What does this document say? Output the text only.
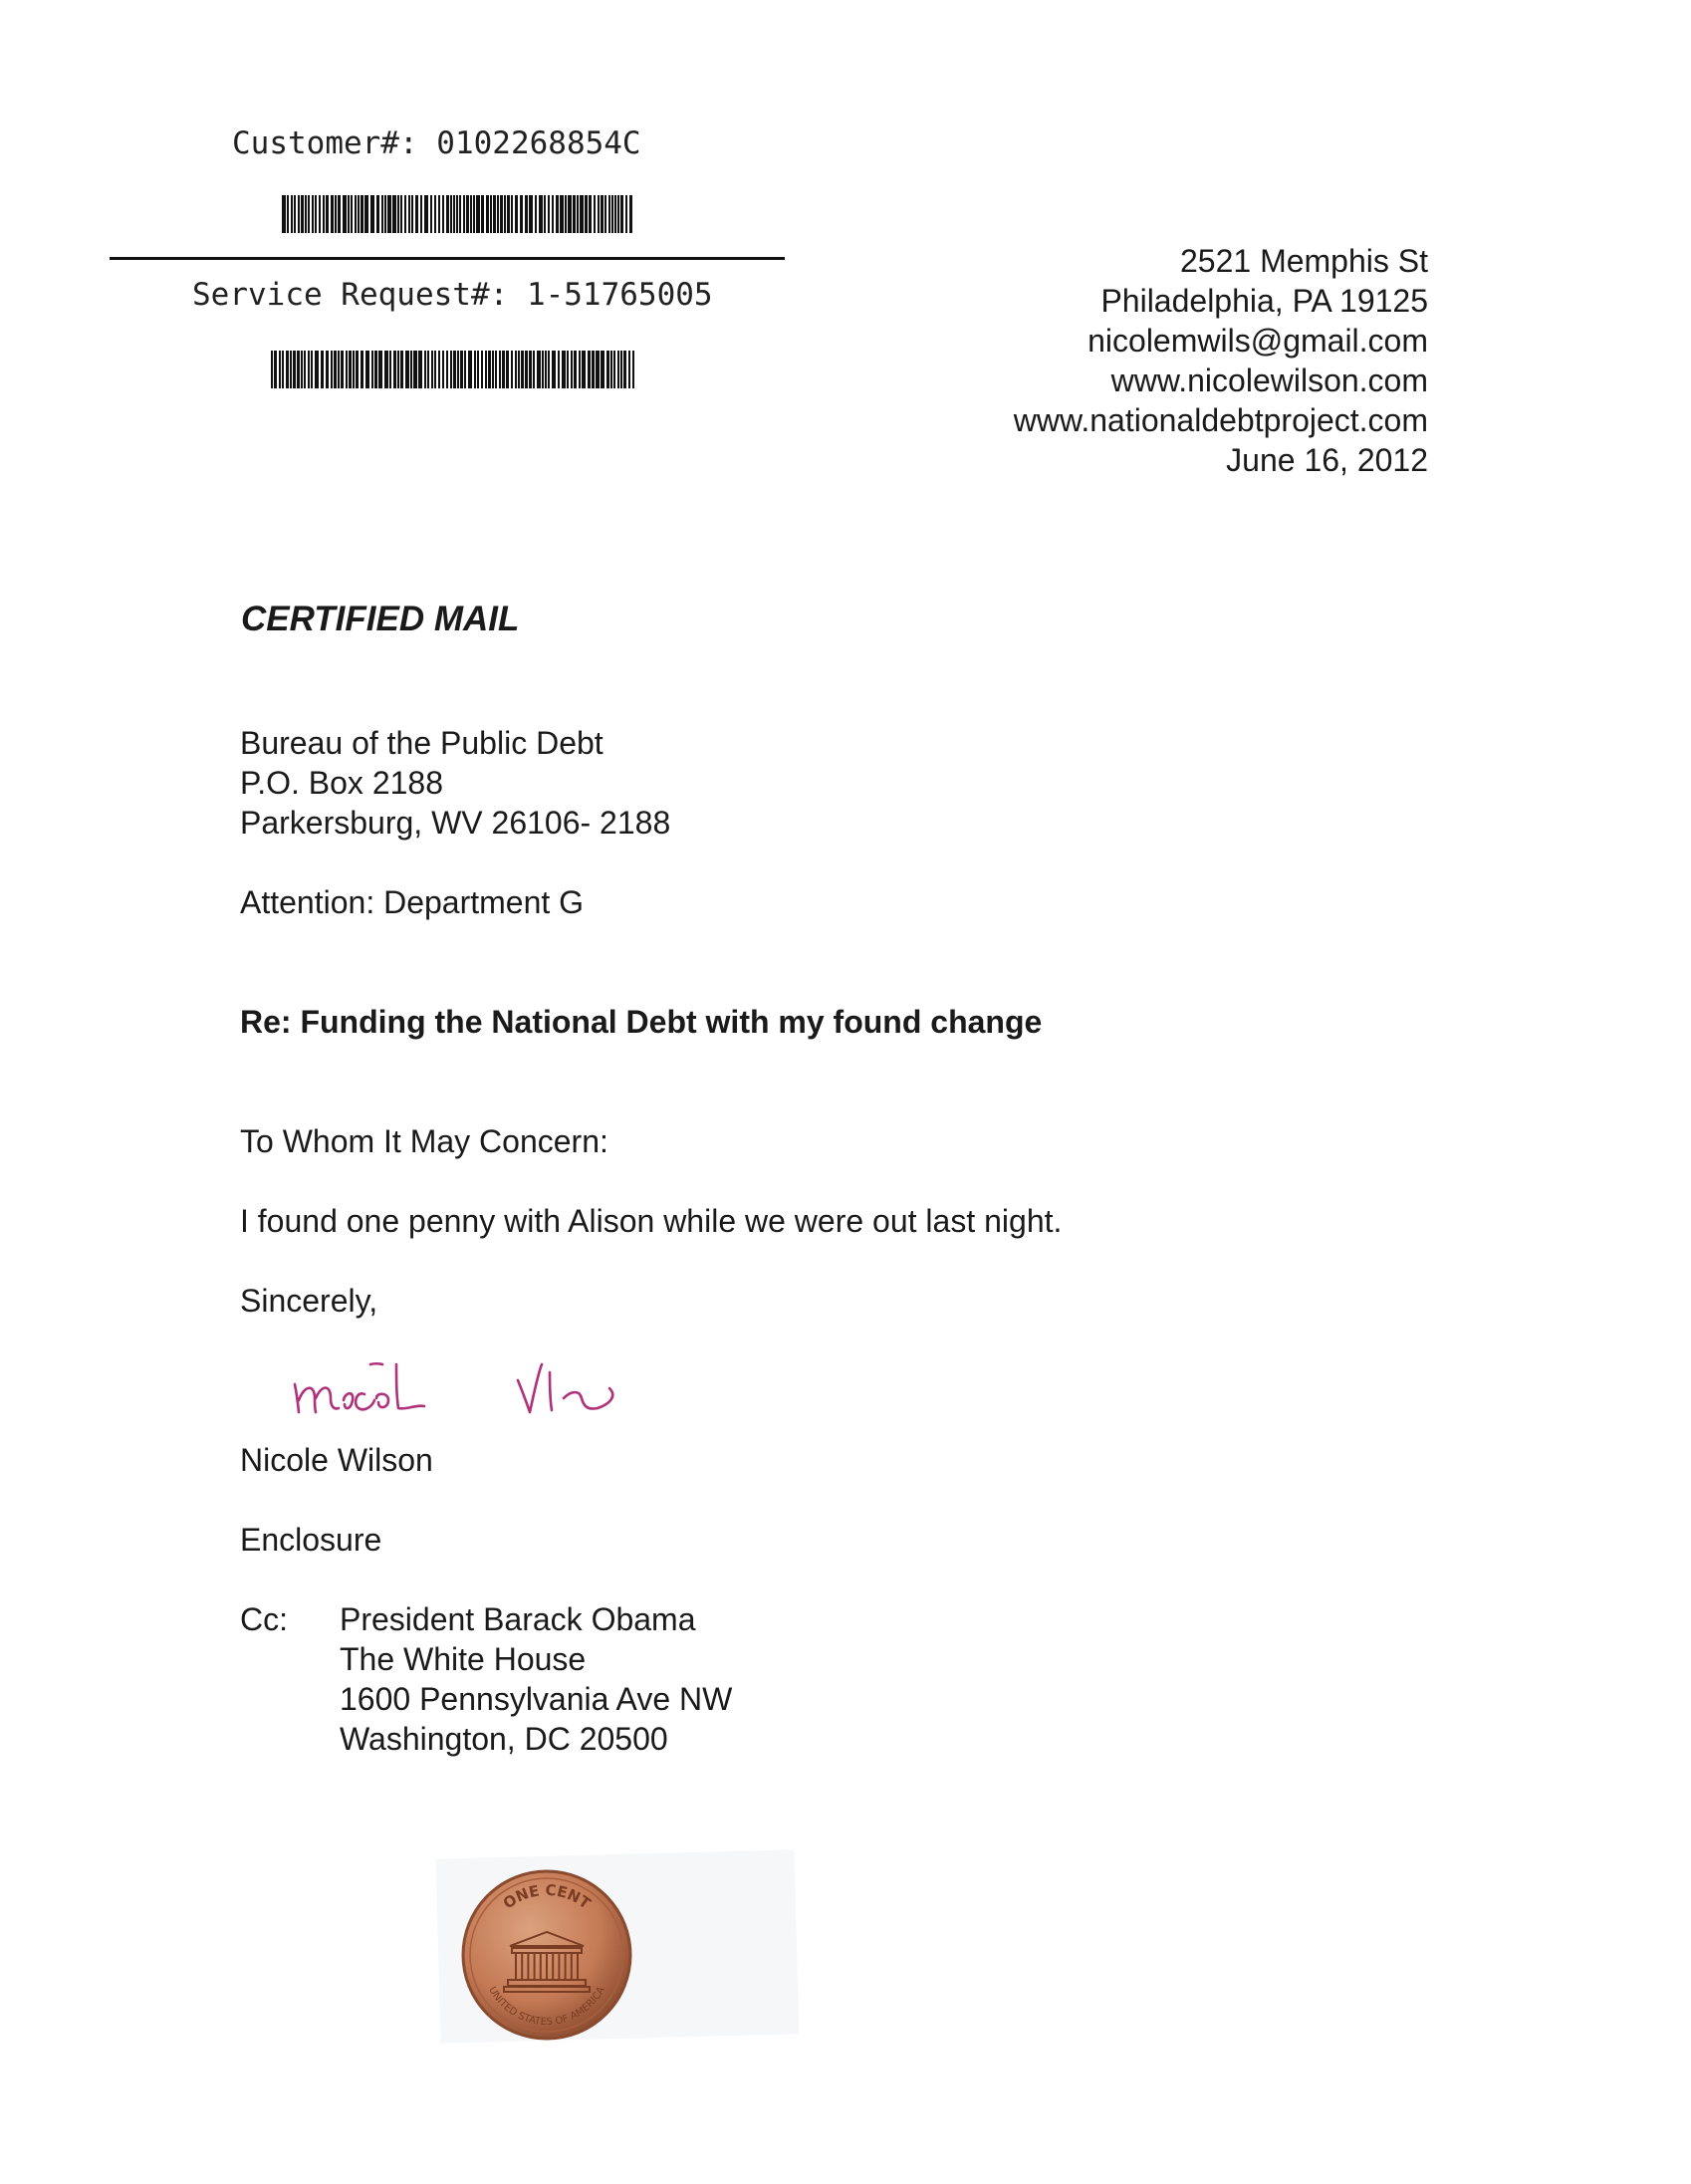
Customer#: 0102268854C
Service Request#: 1-51765005
2521 Memphis St
Philadelphia, PA 19125
nicolemwils@gmail.com
www.nicolewilson.com
www.nationaldebtproject.com
June 16, 2012
CERTIFIED MAIL
Bureau of the Public Debt
P.O. Box 2188
Parkersburg, WV 26106- 2188
Attention: Department G
Re: Funding the National Debt with my found change
To Whom It May Concern:
I found one penny with Alison while we were out last night.
Sincerely,
Nicole Wilson
Enclosure
Cc: President Barack Obama
The White House
1600 Pennsylvania Ave NW
Washington, DC 20500
ONE CENT
UNITED STATES OF AMERICA
